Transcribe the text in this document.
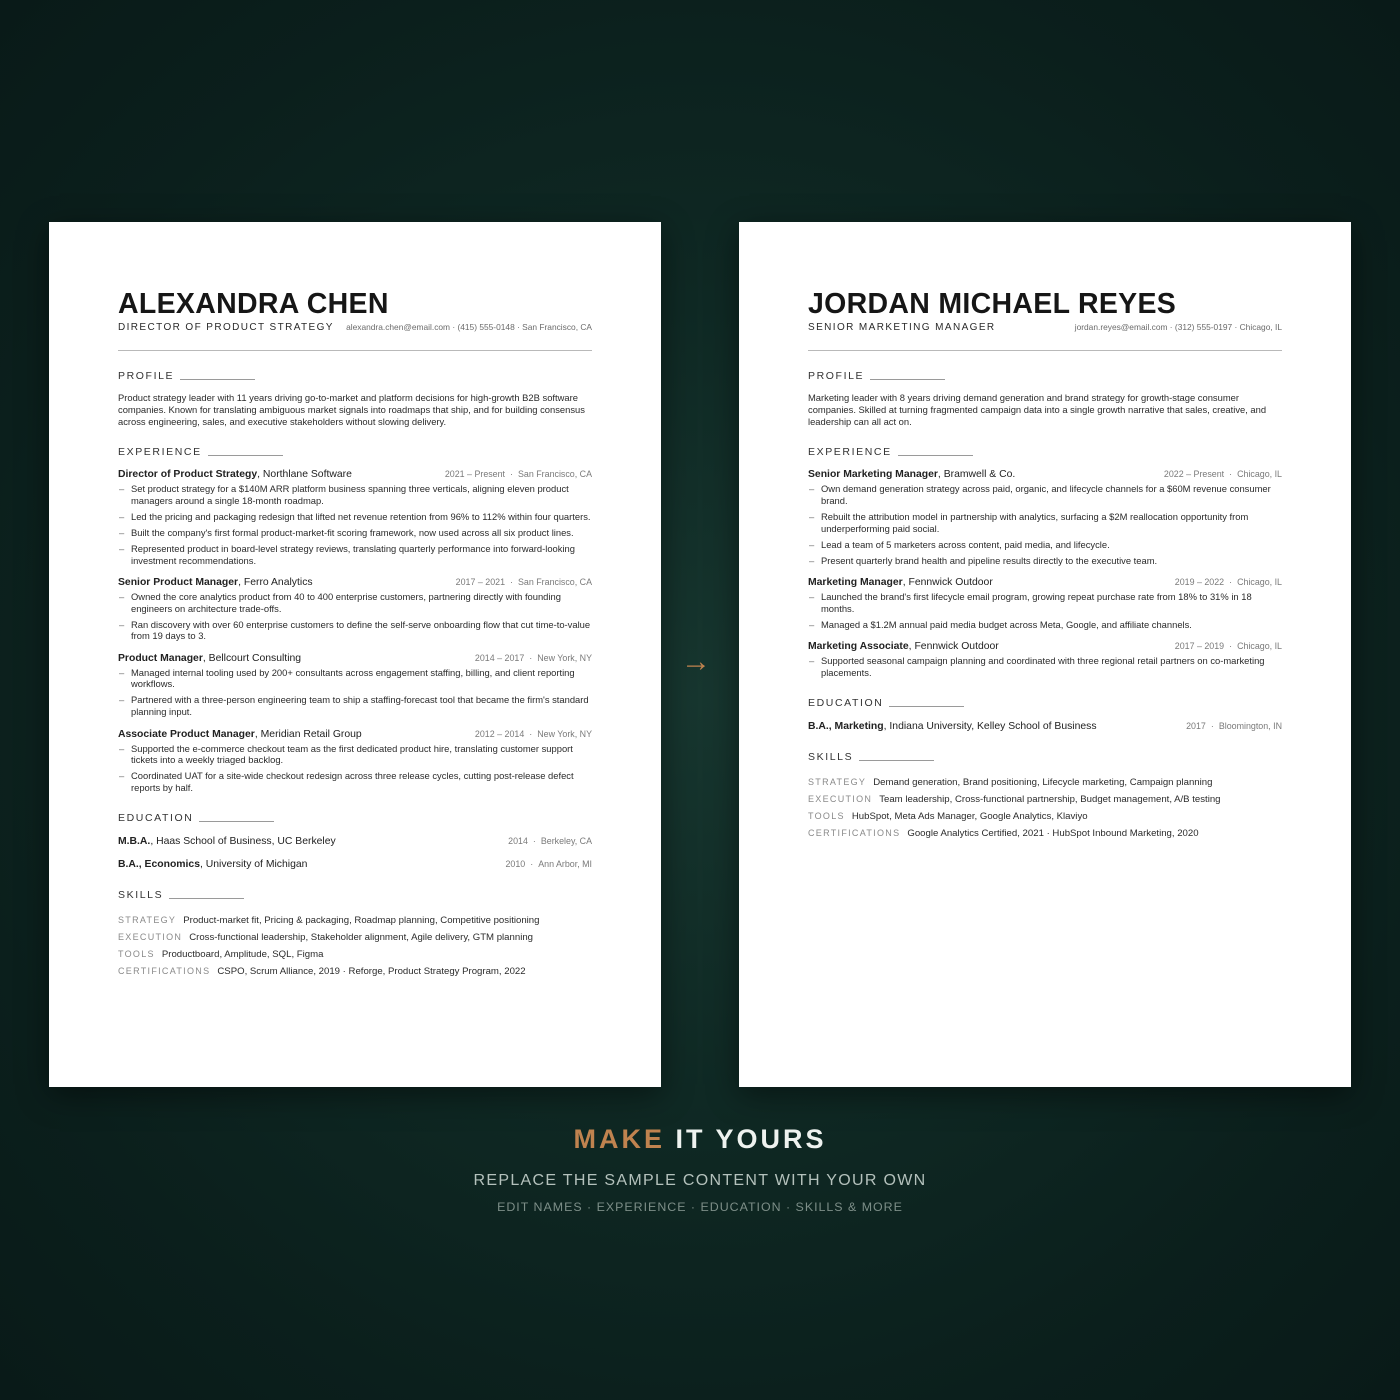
ALEXANDRA CHEN
DIRECTOR OF PRODUCT STRATEGY alexandra.chen@email.com · (415) 555-0148 · San Francisco, CA
PROFILE
Product strategy leader with 11 years driving go-to-market and platform decisions for high-growth B2B software companies. Known for translating ambiguous market signals into roadmaps that ship, and for building consensus across engineering, sales, and executive stakeholders without slowing delivery.
EXPERIENCE
Director of Product Strategy, Northlane Software	2021 – Present · San Francisco, CA
– Set product strategy for a $140M ARR platform business spanning three verticals, aligning eleven product managers around a single 18-month roadmap.
– Led the pricing and packaging redesign that lifted net revenue retention from 96% to 112% within four quarters.
– Built the company's first formal product-market-fit scoring framework, now used across all six product lines.
– Represented product in board-level strategy reviews, translating quarterly performance into forward-looking investment recommendations.
Senior Product Manager, Ferro Analytics	2017 – 2021 · San Francisco, CA
– Owned the core analytics product from 40 to 400 enterprise customers, partnering directly with founding engineers on architecture trade-offs.
– Ran discovery with over 60 enterprise customers to define the self-serve onboarding flow that cut time-to-value from 19 days to 3.
Product Manager, Bellcourt Consulting	2014 – 2017 · New York, NY
– Managed internal tooling used by 200+ consultants across engagement staffing, billing, and client reporting workflows.
– Partnered with a three-person engineering team to ship a staffing-forecast tool that became the firm's standard planning input.
Associate Product Manager, Meridian Retail Group	2012 – 2014 · New York, NY
– Supported the e-commerce checkout team as the first dedicated product hire, translating customer support tickets into a weekly triaged backlog.
– Coordinated UAT for a site-wide checkout redesign across three release cycles, cutting post-release defect reports by half.
EDUCATION
M.B.A., Haas School of Business, UC Berkeley	2014 · Berkeley, CA
B.A., Economics, University of Michigan	2010 · Ann Arbor, MI
SKILLS
STRATEGY Product-market fit, Pricing & packaging, Roadmap planning, Competitive positioning
EXECUTION Cross-functional leadership, Stakeholder alignment, Agile delivery, GTM planning
TOOLS Productboard, Amplitude, SQL, Figma
CERTIFICATIONS CSPO, Scrum Alliance, 2019 · Reforge, Product Strategy Program, 2022
→
JORDAN MICHAEL REYES
SENIOR MARKETING MANAGER	jordan.reyes@email.com · (312) 555-0197 · Chicago, IL
PROFILE
Marketing leader with 8 years driving demand generation and brand strategy for growth-stage consumer companies. Skilled at turning fragmented campaign data into a single growth narrative that sales, creative, and leadership can all act on.
EXPERIENCE
Senior Marketing Manager, Bramwell & Co.	2022 – Present · Chicago, IL
– Own demand generation strategy across paid, organic, and lifecycle channels for a $60M revenue consumer brand.
– Rebuilt the attribution model in partnership with analytics, surfacing a $2M reallocation opportunity from underperforming paid social.
– Lead a team of 5 marketers across content, paid media, and lifecycle.
– Present quarterly brand health and pipeline results directly to the executive team.
Marketing Manager, Fennwick Outdoor	2019 – 2022 · Chicago, IL
– Launched the brand's first lifecycle email program, growing repeat purchase rate from 18% to 31% in 18 months.
– Managed a $1.2M annual paid media budget across Meta, Google, and affiliate channels.
Marketing Associate, Fennwick Outdoor	2017 – 2019 · Chicago, IL
– Supported seasonal campaign planning and coordinated with three regional retail partners on co-marketing placements.
EDUCATION
B.A., Marketing, Indiana University, Kelley School of Business	2017 · Bloomington, IN
SKILLS
STRATEGY Demand generation, Brand positioning, Lifecycle marketing, Campaign planning
EXECUTION Team leadership, Cross-functional partnership, Budget management, A/B testing
TOOLS HubSpot, Meta Ads Manager, Google Analytics, Klaviyo
CERTIFICATIONS Google Analytics Certified, 2021 · HubSpot Inbound Marketing, 2020
MAKE IT YOURS
REPLACE THE SAMPLE CONTENT WITH YOUR OWN
EDIT NAMES · EXPERIENCE · EDUCATION · SKILLS & MORE
